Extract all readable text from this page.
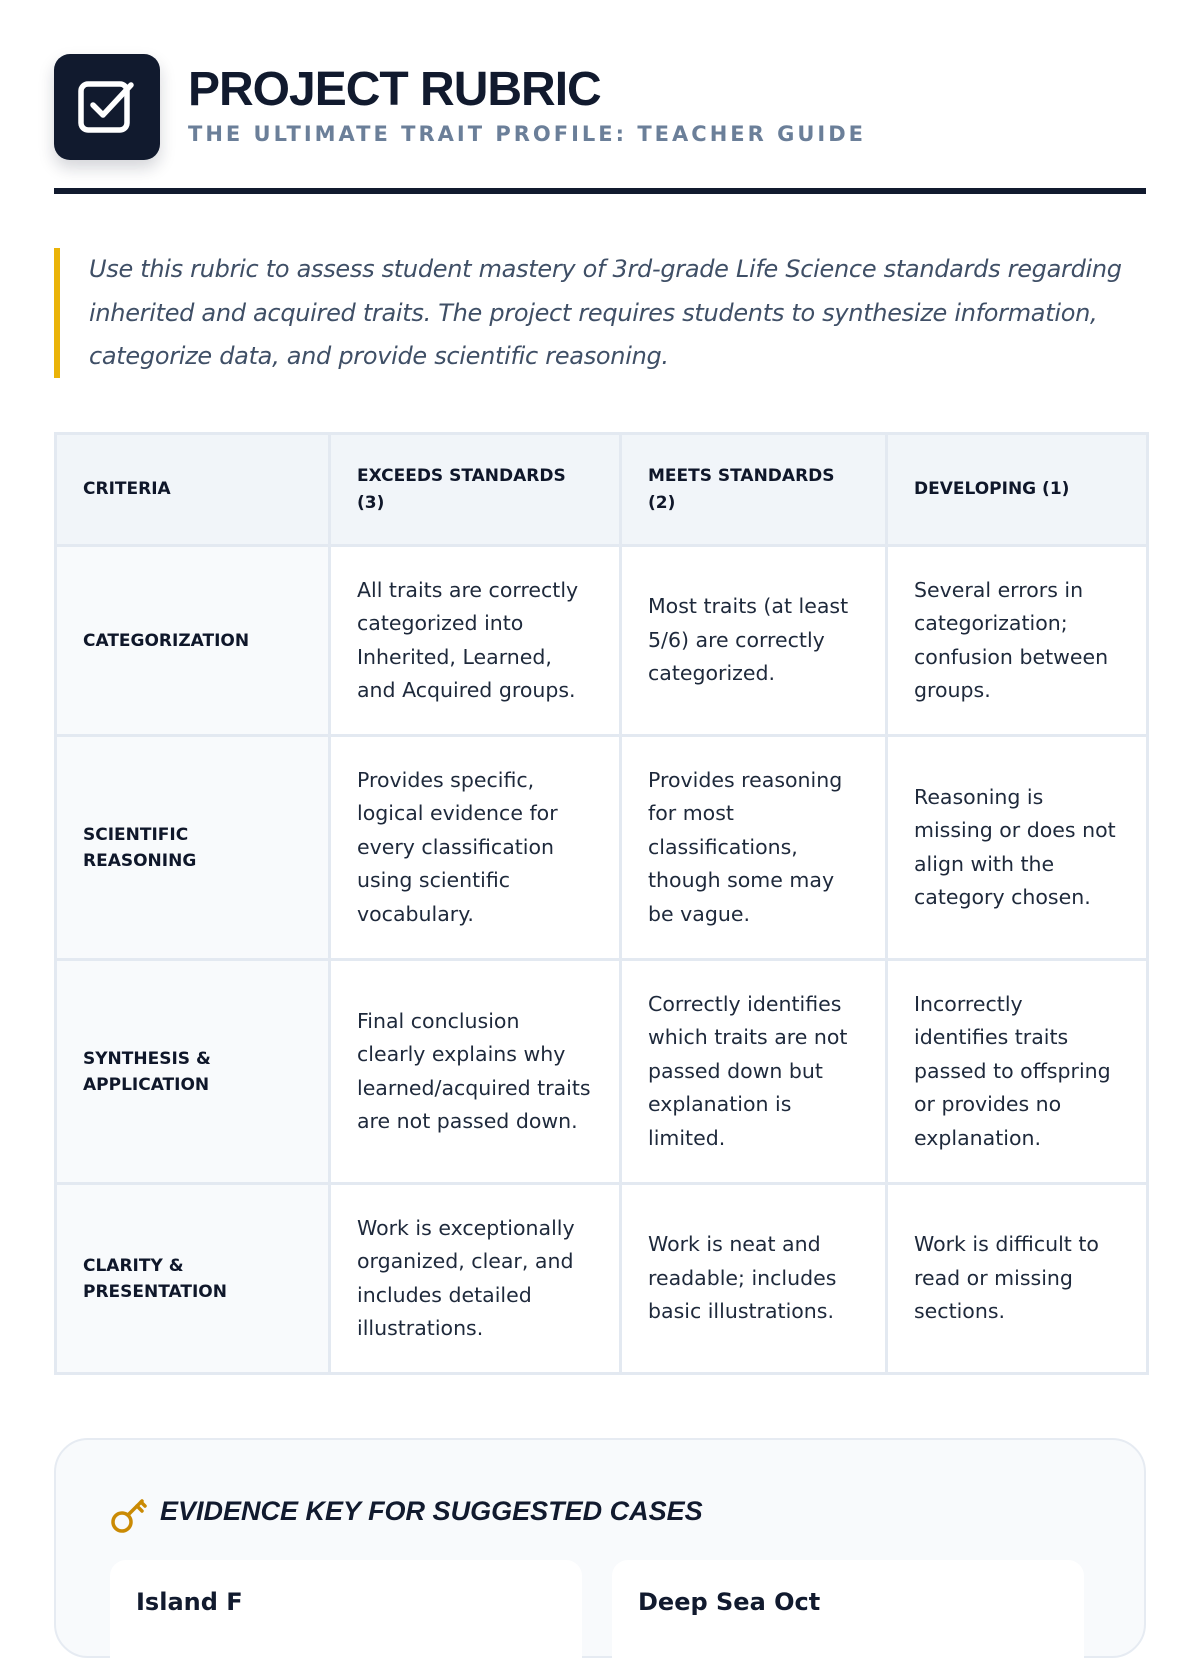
PROJECT RUBRIC
THE ULTIMATE TRAIT PROFILE: TEACHER GUIDE

Use this rubric to assess student mastery of 3rd-grade Life Science standards regarding inherited and acquired traits. The project requires students to synthesize information, categorize data, and provide scientific reasoning.

CRITERIA	EXCEEDS STANDARDS (3)	MEETS STANDARDS (2)	DEVELOPING (1)
CATEGORIZATION	All traits are correctly categorized into Inherited, Learned, and Acquired groups.	Most traits (at least 5/6) are correctly categorized.	Several errors in categorization; confusion between groups.
SCIENTIFIC REASONING	Provides specific, logical evidence for every classification using scientific vocabulary.	Provides reasoning for most classifications, though some may be vague.	Reasoning is missing or does not align with the category chosen.
SYNTHESIS & APPLICATION	Final conclusion clearly explains why learned/acquired traits are not passed down.	Correctly identifies which traits are not passed down but explanation is limited.	Incorrectly identifies traits passed to offspring or provides no explanation.
CLARITY & PRESENTATION	Work is exceptionally organized, clear, and includes detailed illustrations.	Work is neat and readable; includes basic illustrations.	Work is difficult to read or missing sections.
EVIDENCE KEY FOR SUGGESTED CASES
Island F	Deep Sea Oct
